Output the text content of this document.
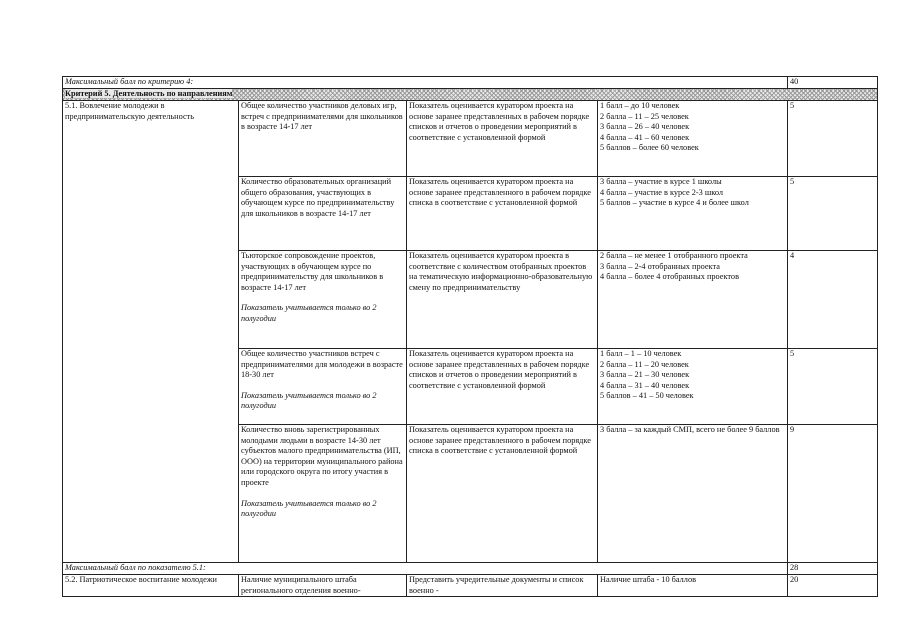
Максимальный балл по критерию 4:				40
Критерий 5. Деятельность по направлениям				
5.1. Вовлечение молодежи в предпринимательскую деятельность	Общее количество участников деловых игр, встреч с предпринимателями для школьников в возрасте 14-17 лет	Показатель оценивается куратором проекта на основе заранее представленных в рабочем порядке списков и отчетов о проведении мероприятий в соответствие с установленной формой	1 балл – до 10 человек
2 балла – 11 – 25 человек
3 балла – 26 – 40 человек
4 балла – 41 – 60 человек
5 баллов – более 60 человек	5

	Количество образовательных организаций общего образования, участвующих в обучающем курсе по предпринимательству для школьников в возрасте 14-17 лет	Показатель оценивается куратором проекта на основе заранее представленного в рабочем порядке списка в соответствие с установленной формой	3 балла – участие в курсе 1 школы
4 балла – участие в курсе 2-3 школ
5 баллов – участие в курсе 4 и более школ	5

	Тьюторское сопровождение проектов, участвующих в обучающем курсе по предпринимательству для школьников в возрасте 14-17 лет
Показатель учитывается только во 2 полугодии	Показатель оценивается куратором проекта в соответствие с количеством отобранных проектов на тематическую информационно-образовательную смену по предпринимательству	2 балла – не менее 1 отобранного проекта
3 балла – 2-4 отобранных проекта
4 балла – более 4 отобранных проектов	4

	Общее количество участников встреч с предпринимателями для молодежи в возрасте 18-30 лет
Показатель учитывается только во 2 полугодии	Показатель оценивается куратором проекта на основе заранее представленных в рабочем порядке списков и отчетов о проведении мероприятий в соответствие с установленной формой	1 балл – 1 – 10 человек
2 балла – 11 – 20 человек
3 балла – 21 – 30 человек
4 балла – 31 – 40 человек
5 баллов – 41 – 50 человек	5

	Количество вновь зарегистрированных молодыми людьми в возрасте 14-30 лет субъектов малого предпринимательства (ИП, ООО) на территории муниципального района или городского округа по итогу участия в проекте
Показатель учитывается только во 2 полугодии	Показатель оценивается куратором проекта на основе заранее представленного в рабочем порядке списка в соответствие с установленной формой	3 балла – за каждый СМП, всего не более 9 баллов	9
Максимальный балл по показателю 5.1:				28
5.2. Патриотическое воспитание молодежи	Наличие муниципального штаба регионального отделения военно-	Представить учредительные документы и список военно -	Наличие штаба - 10 баллов	20
